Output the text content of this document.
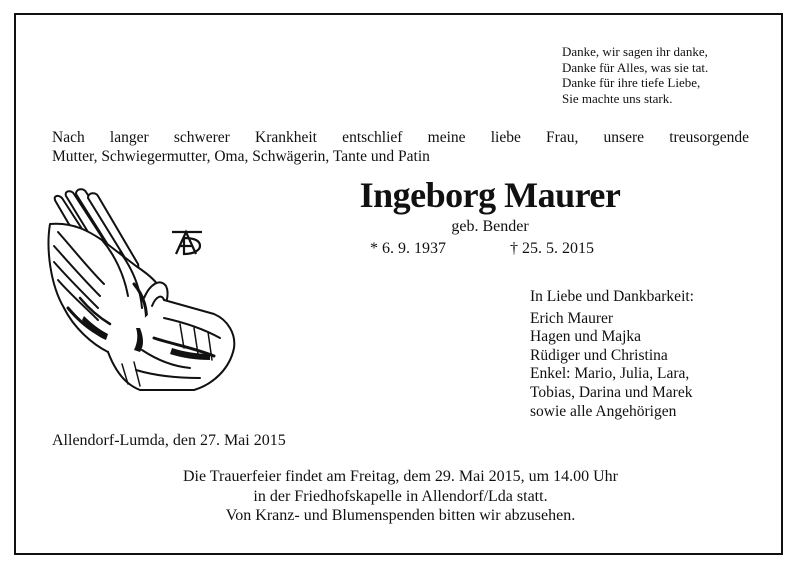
Danke, wir sagen ihr danke,
Danke für Alles, was sie tat.
Danke für ihre tiefe Liebe,
Sie machte uns stark.
Nach langer schwerer Krankheit entschlief meine liebe Frau, unsere treusorgende
Mutter, Schwiegermutter, Oma, Schwägerin, Tante und Patin
Ingeborg Maurer
geb. Bender
* 6. 9. 1937	† 25. 5. 2015
In Liebe und Dankbarkeit:
Erich Maurer
Hagen und Majka
Rüdiger und Christina
Enkel: Mario, Julia, Lara,
Tobias, Darina und Marek
sowie alle Angehörigen
Allendorf-Lumda, den 27. Mai 2015
Die Trauerfeier findet am Freitag, dem 29. Mai 2015, um 14.00 Uhr
in der Friedhofskapelle in Allendorf/Lda statt.
Von Kranz- und Blumenspenden bitten wir abzusehen.
